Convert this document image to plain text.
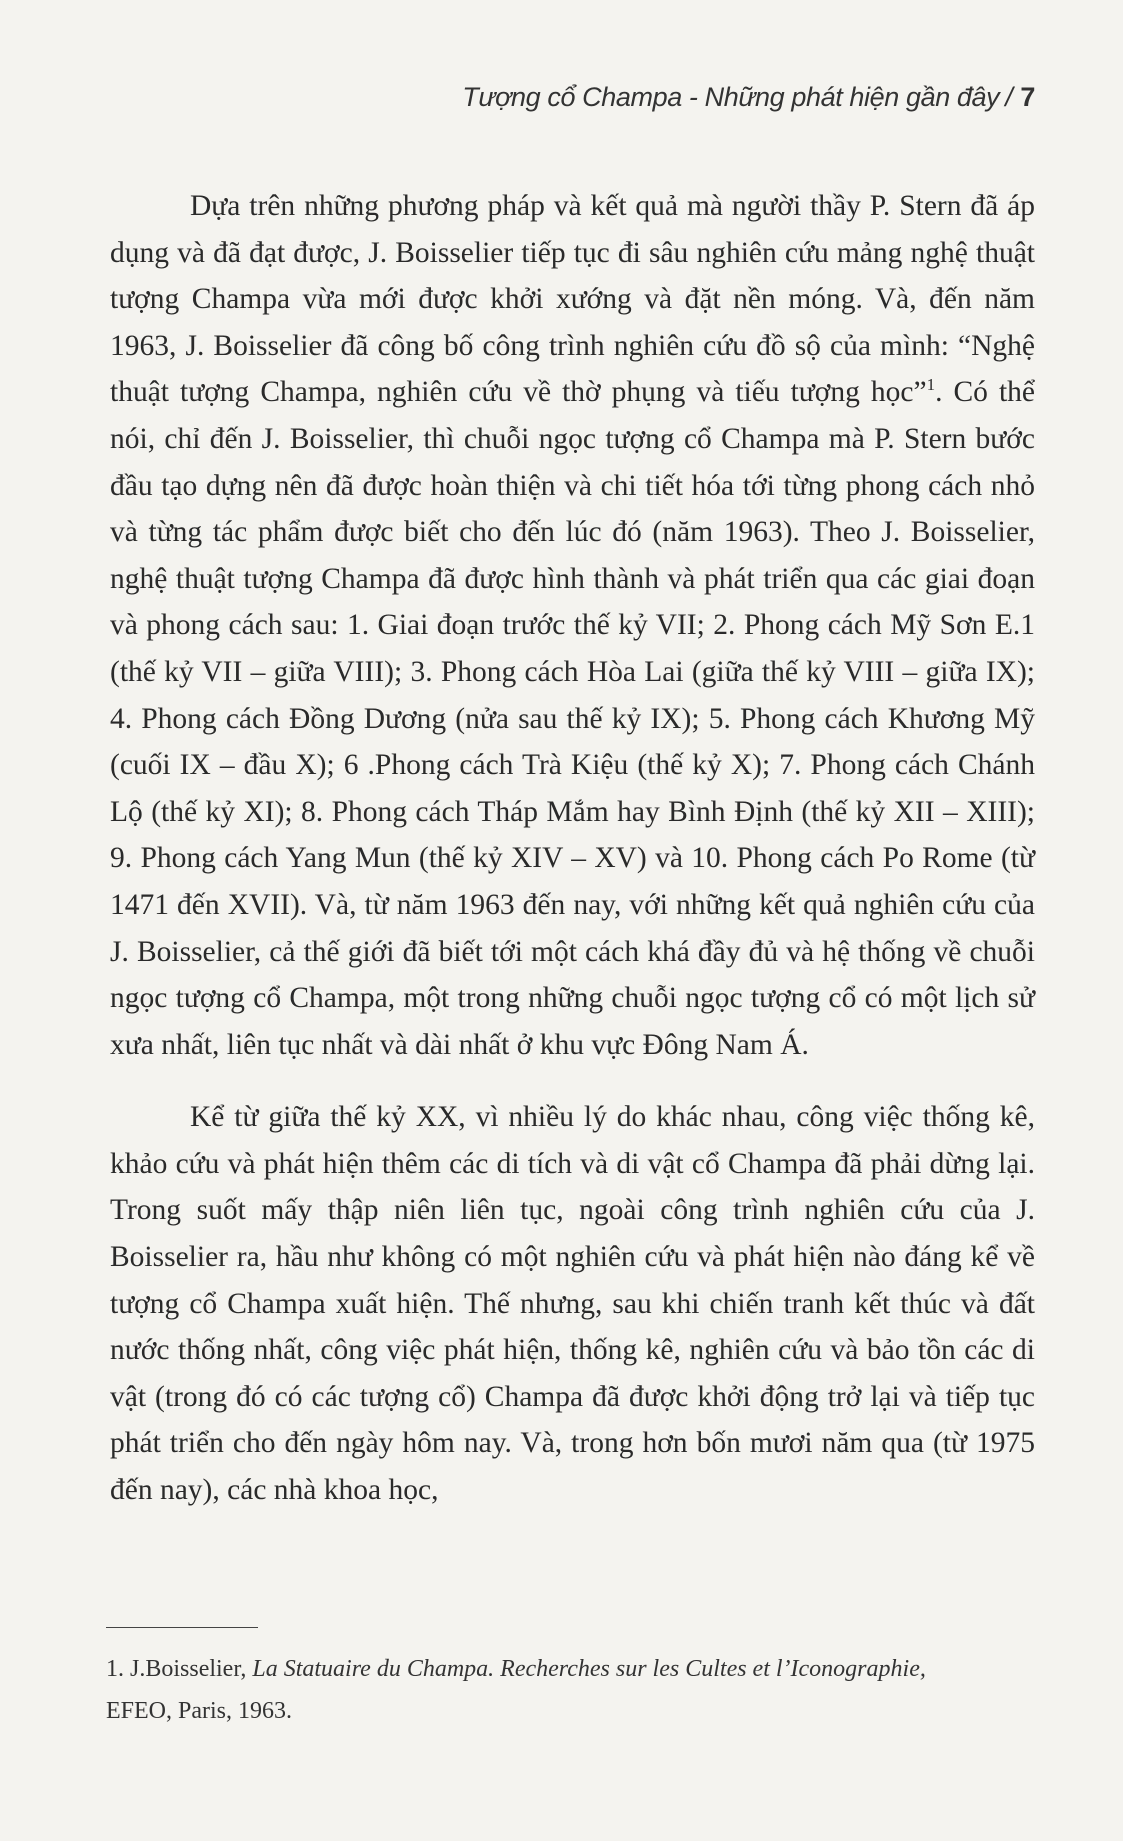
Tượng cổ Champa - Những phát hiện gần đây / 7

Dựa trên những phương pháp và kết quả mà người thầy P. Stern đã áp dụng và đã đạt được, J. Boisselier tiếp tục đi sâu nghiên cứu mảng nghệ thuật tượng Champa vừa mới được khởi xướng và đặt nền móng. Và, đến năm 1963, J. Boisselier đã công bố công trình nghiên cứu đồ sộ của mình: “Nghệ thuật tượng Champa, nghiên cứu về thờ phụng và tiếu tượng học”$^1$. Có thể nói, chỉ đến J. Boisselier, thì chuỗi ngọc tượng cổ Champa mà P. Stern bước đầu tạo dựng nên đã được hoàn thiện và chi tiết hóa tới từng phong cách nhỏ và từng tác phẩm được biết cho đến lúc đó (năm 1963). Theo J. Boisselier, nghệ thuật tượng Champa đã được hình thành và phát triển qua các giai đoạn và phong cách sau: 1. Giai đoạn trước thế kỷ VII; 2. Phong cách Mỹ Sơn E.1 (thế kỷ VII – giữa VIII); 3. Phong cách Hòa Lai (giữa thế kỷ VIII – giữa IX); 4. Phong cách Đồng Dương (nửa sau thế kỷ IX); 5. Phong cách Khương Mỹ (cuối IX – đầu X); 6 .Phong cách Trà Kiệu (thế kỷ X); 7. Phong cách Chánh Lộ (thế kỷ XI); 8. Phong cách Tháp Mắm hay Bình Định (thế kỷ XII – XIII); 9. Phong cách Yang Mun (thế kỷ XIV – XV) và 10. Phong cách Po Rome (từ 1471 đến XVII). Và, từ năm 1963 đến nay, với những kết quả nghiên cứu của J. Boisselier, cả thế giới đã biết tới một cách khá đầy đủ và hệ thống về chuỗi ngọc tượng cổ Champa, một trong những chuỗi ngọc tượng cổ có một lịch sử xưa nhất, liên tục nhất và dài nhất ở khu vực Đông Nam Á.

Kể từ giữa thế kỷ XX, vì nhiều lý do khác nhau, công việc thống kê, khảo cứu và phát hiện thêm các di tích và di vật cổ Champa đã phải dừng lại. Trong suốt mấy thập niên liên tục, ngoài công trình nghiên cứu của J. Boisselier ra, hầu như không có một nghiên cứu và phát hiện nào đáng kể về tượng cổ Champa xuất hiện. Thế nhưng, sau khi chiến tranh kết thúc và đất nước thống nhất, công việc phát hiện, thống kê, nghiên cứu và bảo tồn các di vật (trong đó có các tượng cổ) Champa đã được khởi động trở lại và tiếp tục phát triển cho đến ngày hôm nay. Và, trong hơn bốn mươi năm qua (từ 1975 đến nay), các nhà khoa học,

1. J.Boisselier, La Statuaire du Champa. Recherches sur les Cultes et l’Iconographie,
EFEO, Paris, 1963.
